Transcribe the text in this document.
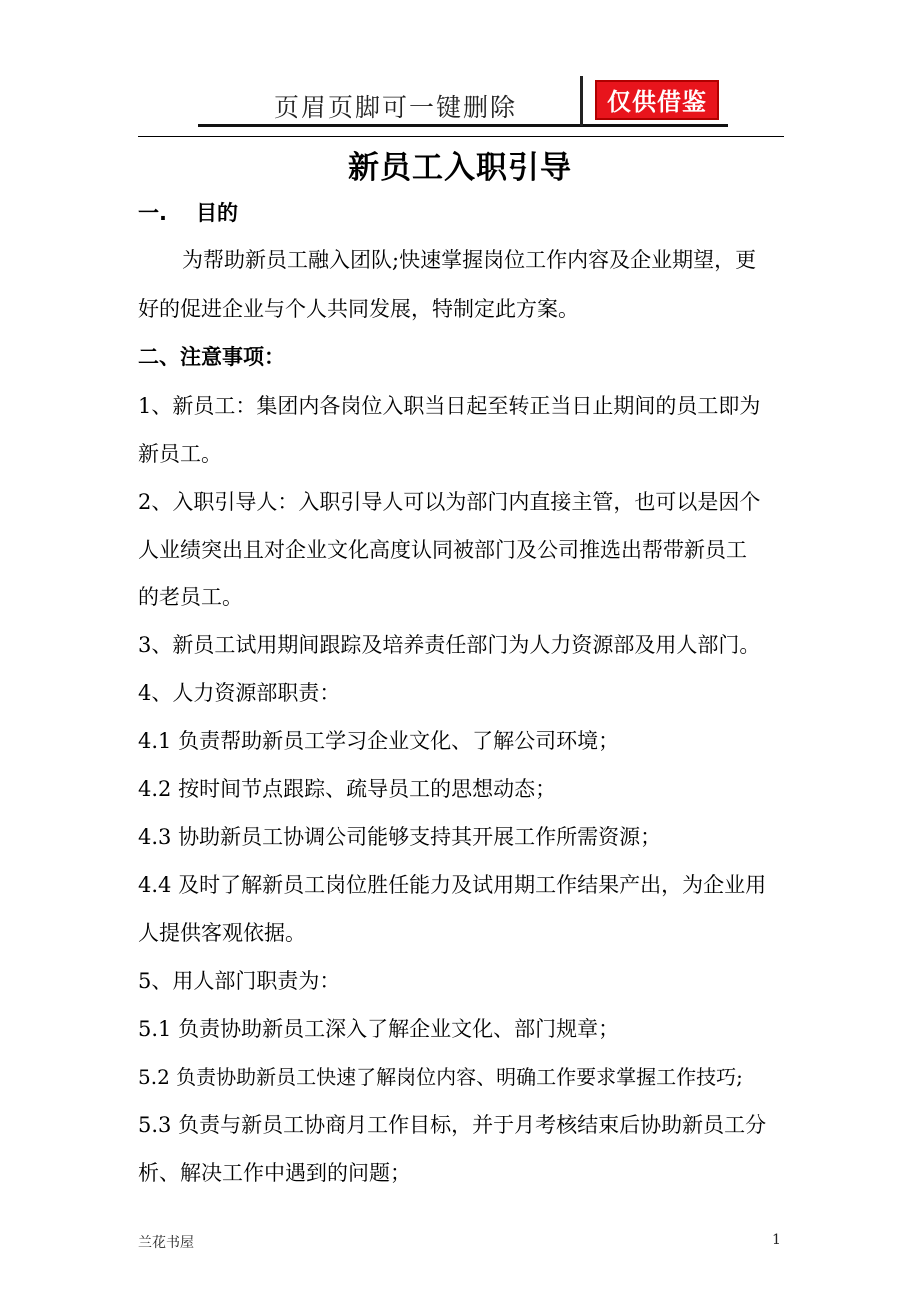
页眉页脚可一键删除	仅供借鉴
新员工入职引导
一. 目的
为帮助新员工融入团队;快速掌握岗位工作内容及企业期望，更
好的促进企业与个人共同发展，特制定此方案。
二、注意事项：
1、新员工：集团内各岗位入职当日起至转正当日止期间的员工即为
新员工。
2、入职引导人：入职引导人可以为部门内直接主管，也可以是因个
人业绩突出且对企业文化高度认同被部门及公司推选出帮带新员工
的老员工。
3、新员工试用期间跟踪及培养责任部门为人力资源部及用人部门。
4、人力资源部职责：
4.1 负责帮助新员工学习企业文化、了解公司环境；
4.2 按时间节点跟踪、疏导员工的思想动态；
4.3 协助新员工协调公司能够支持其开展工作所需资源；
4.4 及时了解新员工岗位胜任能力及试用期工作结果产出，为企业用
人提供客观依据。
5、用人部门职责为：
5.1 负责协助新员工深入了解企业文化、部门规章；
5.2 负责协助新员工快速了解岗位内容、明确工作要求掌握工作技巧;
5.3 负责与新员工协商月工作目标，并于月考核结束后协助新员工分
析、解决工作中遇到的问题；
兰花书屋	1
